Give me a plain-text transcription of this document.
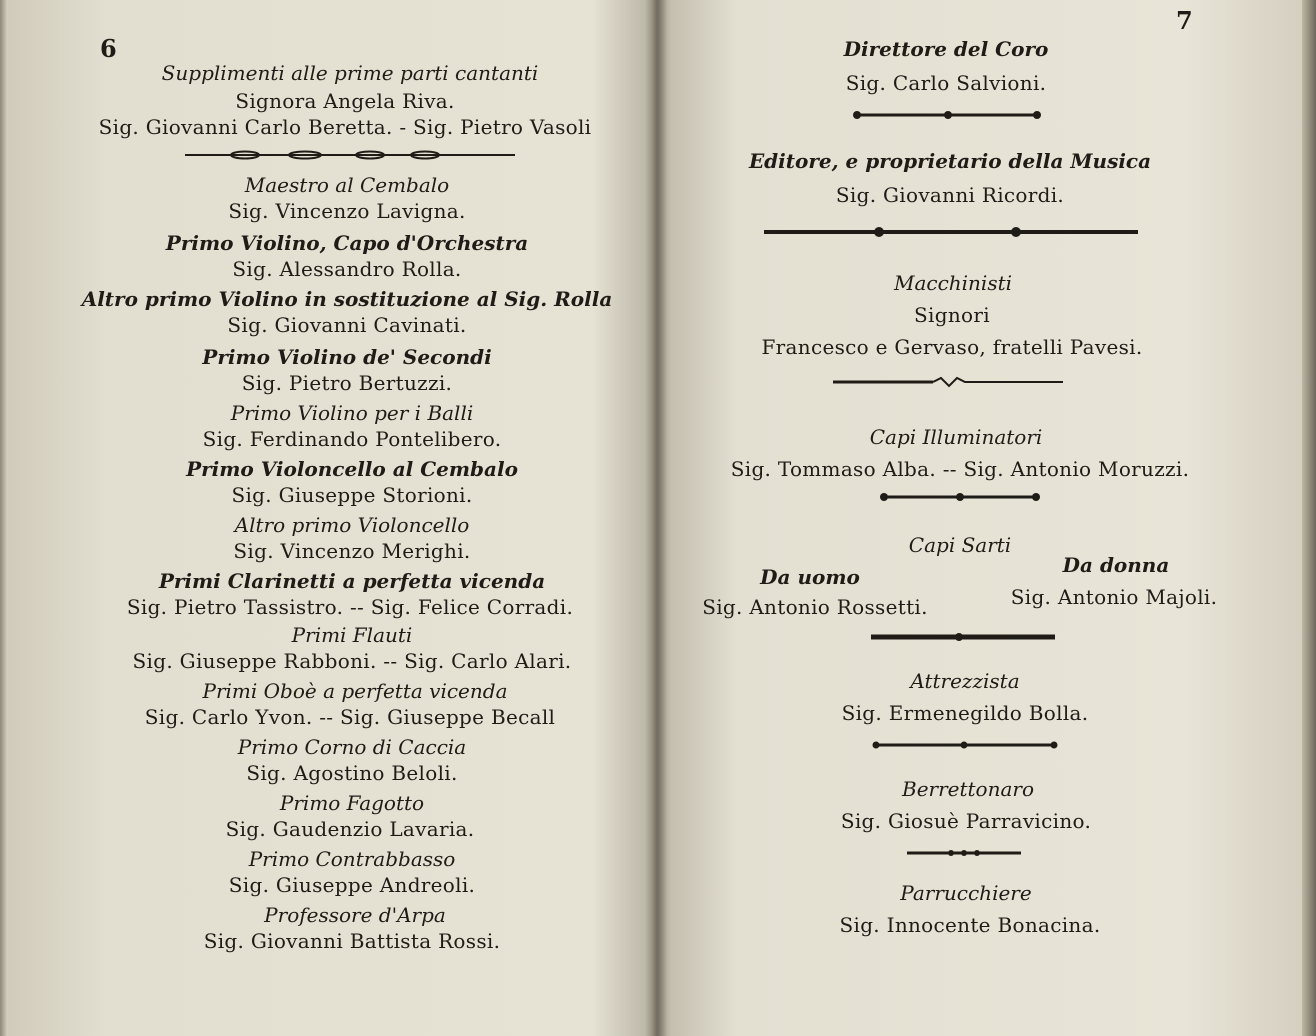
6
Supplimenti alle prime parti cantanti
Signora Angela Riva.
Sig. Giovanni Carlo Beretta. - Sig. Pietro Vasoli
Maestro al Cembalo
Sig. Vincenzo Lavigna.
Primo Violino, Capo d'Orchestra
Sig. Alessandro Rolla.
Altro primo Violino in sostituzione al Sig. Rolla
Sig. Giovanni Cavinati.
Primo Violino de' Secondi
Sig. Pietro Bertuzzi.
Primo Violino per i Balli
Sig. Ferdinando Pontelibero.
Primo Violoncello al Cembalo
Sig. Giuseppe Storioni.
Altro primo Violoncello
Sig. Vincenzo Merighi.
Primi Clarinetti a perfetta vicenda
Sig. Pietro Tassistro. -- Sig. Felice Corradi.
Primi Flauti
Sig. Giuseppe Rabboni. -- Sig. Carlo Alari.
Primi Oboè a perfetta vicenda
Sig. Carlo Yvon. -- Sig. Giuseppe Becall
Primo Corno di Caccia
Sig. Agostino Beloli.
Primo Fagotto
Sig. Gaudenzio Lavaria.
Primo Contrabbasso
Sig. Giuseppe Andreoli.
Professore d'Arpa
Sig. Giovanni Battista Rossi.
7
Direttore del Coro
Sig. Carlo Salvioni.
Editore, e proprietario della Musica
Sig. Giovanni Ricordi.
Macchinisti
Signori
Francesco e Gervaso, fratelli Pavesi.
Capi Illuminatori
Sig. Tommaso Alba. -- Sig. Antonio Moruzzi.
Capi Sarti
Da uomo	Da donna
Sig. Antonio Rossetti.	Sig. Antonio Majoli.
Attrezzista
Sig. Ermenegildo Bolla.
Berrettonaro
Sig. Giosuè Parravicino.
Parrucchiere
Sig. Innocente Bonacina.
